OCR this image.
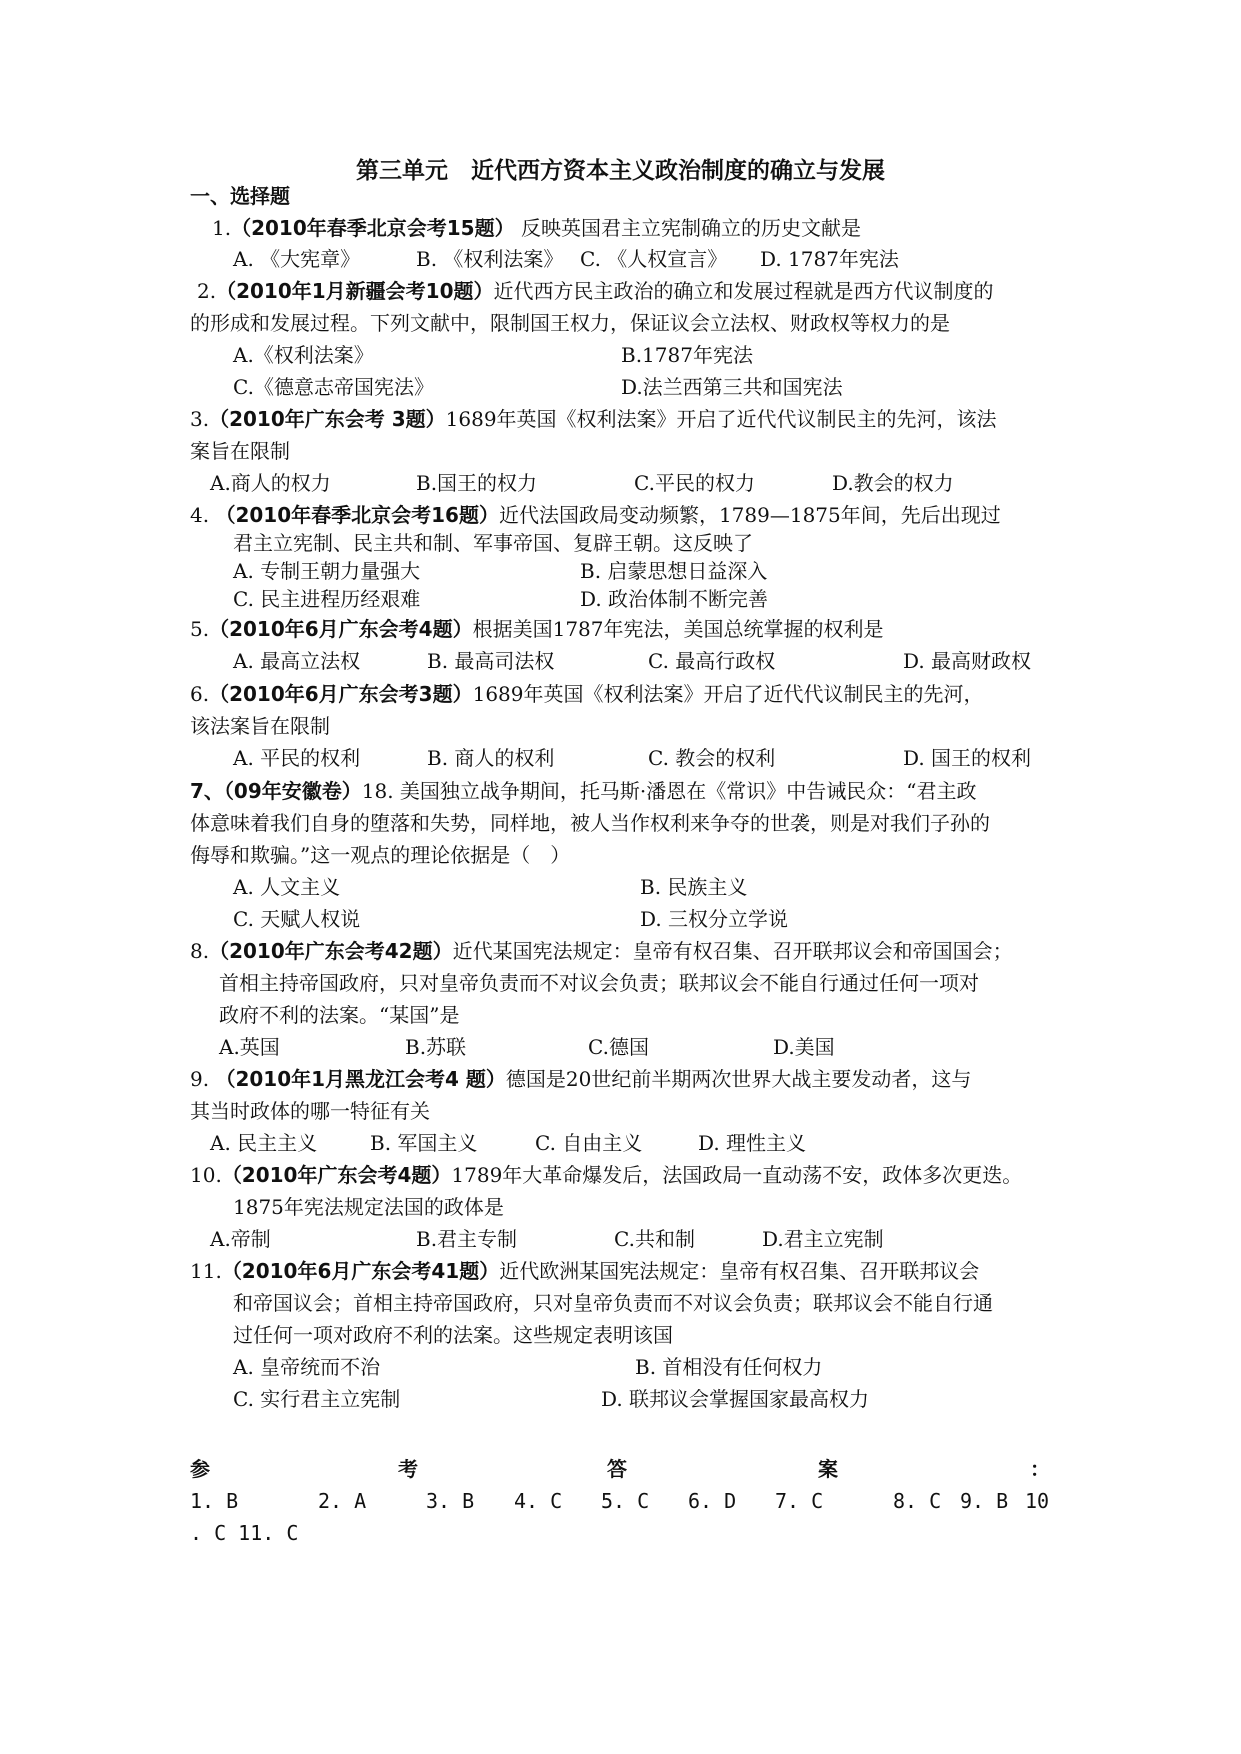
第三单元　近代西方资本主义政治制度的确立与发展
一、选择题
1.（2010年春季北京会考15题） 反映英国君主立宪制确立的历史文献是
A. 《大宪章》	B. 《权利法案》 C. 《人权宣言》 D. 1787年宪法
2.（2010年1月新疆会考10题）近代西方民主政治的确立和发展过程就是西方代议制度的
的形成和发展过程。下列文献中，限制国王权力，保证议会立法权、财政权等权力的是
A.《权利法案》	B.1787年宪法
C.《德意志帝国宪法》	D.法兰西第三共和国宪法
3.（2010年广东会考 3题）1689年英国《权利法案》开启了近代代议制民主的先河，该法
案旨在限制
A.商人的权力	B.国王的权力	C.平民的权力	D.教会的权力
4. （2010年春季北京会考16题）近代法国政局变动频繁，1789—1875年间，先后出现过
君主立宪制、民主共和制、军事帝国、复辟王朝。这反映了
A. 专制王朝力量强大	B. 启蒙思想日益深入
C. 民主进程历经艰难	D. 政治体制不断完善
5.（2010年6月广东会考4题）根据美国1787年宪法，美国总统掌握的权利是
A. 最高立法权	B. 最高司法权	C. 最高行政权	D. 最高财政权
6.（2010年6月广东会考3题）1689年英国《权利法案》开启了近代代议制民主的先河，
该法案旨在限制
A. 平民的权利	B. 商人的权利	C. 教会的权利	D. 国王的权利
7、（09年安徽卷）18. 美国独立战争期间，托马斯·潘恩在《常识》中告诫民众：“君主政
体意味着我们自身的堕落和失势，同样地，被人当作权利来争夺的世袭，则是对我们子孙的
侮辱和欺骗。”这一观点的理论依据是（　）
A. 人文主义	B. 民族主义
C. 天赋人权说	D. 三权分立学说
8.（2010年广东会考42题）近代某国宪法规定：皇帝有权召集、召开联邦议会和帝国国会；
首相主持帝国政府，只对皇帝负责而不对议会负责；联邦议会不能自行通过任何一项对
政府不利的法案。“某国”是
A.英国	B.苏联	C.德国	D.美国
9. （2010年1月黑龙江会考4 题）德国是20世纪前半期两次世界大战主要发动者，这与
其当时政体的哪一特征有关
A. 民主主义	B. 军国主义	C. 自由主义	D. 理性主义
10.（2010年广东会考4题）1789年大革命爆发后，法国政局一直动荡不安，政体多次更迭。
1875年宪法规定法国的政体是
A.帝制	B.君主专制	C.共和制	D.君主立宪制
11.（2010年6月广东会考41题）近代欧洲某国宪法规定：皇帝有权召集、召开联邦议会
和帝国议会；首相主持帝国政府，只对皇帝负责而不对议会负责；联邦议会不能自行通
过任何一项对政府不利的法案。这些规定表明该国
A. 皇帝统而不治	B. 首相没有任何权力
C. 实行君主立宪制	D. 联邦议会掌握国家最高权力
参	考	答	案	：
1. B	2. A	3. B 4. C 5. C 6. D 7. C	8. C 9. B 10
. C 11. C
